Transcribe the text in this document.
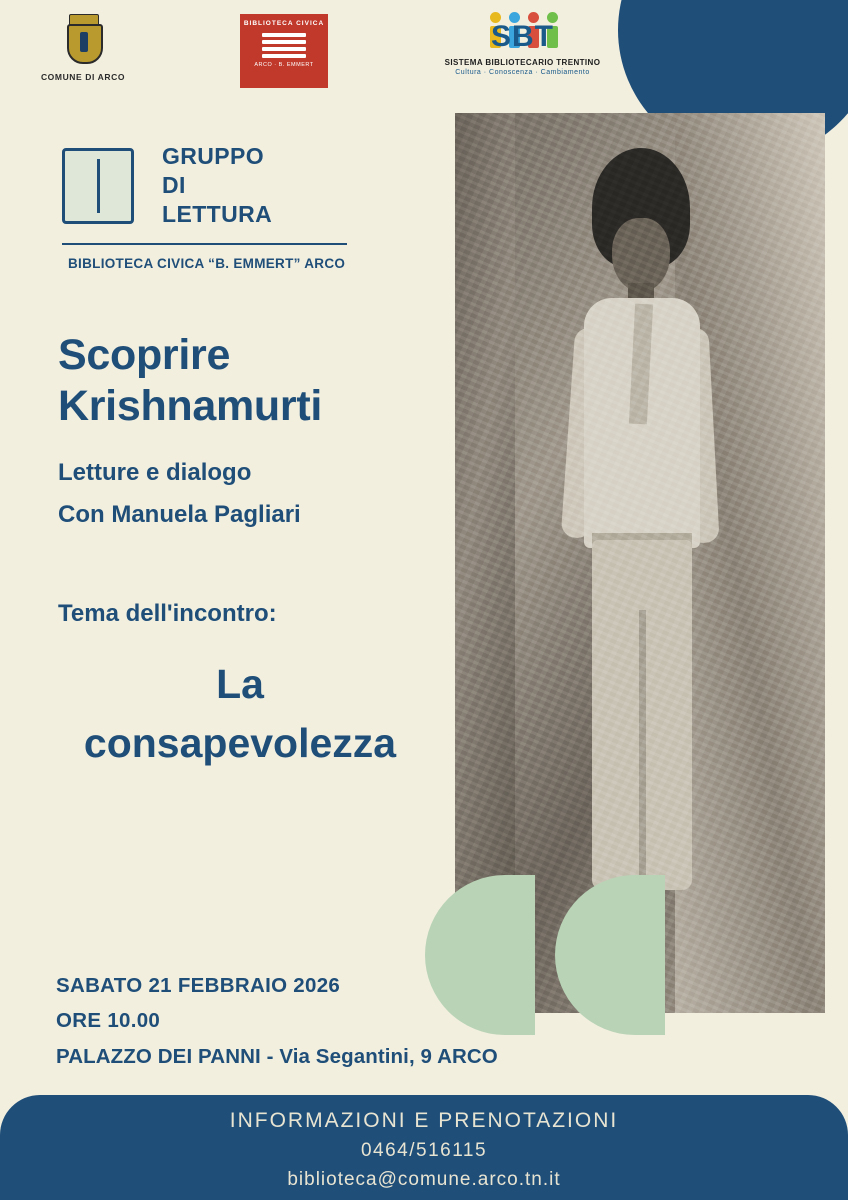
COMUNE DI ARCO
BIBLIOTECA CIVICA
ARCO · B. EMMERT
SBT
SISTEMA BIBLIOTECARIO TRENTINO
Cultura · Conoscenza · Cambiamento
GRUPPO
DI
LETTURA
BIBLIOTECA CIVICA “B. EMMERT” ARCO
Scoprire
Krishnamurti
Letture e dialogo
Con Manuela Pagliari
Tema dell'incontro:
La
consapevolezza
SABATO 21 FEBBRAIO 2026
ORE 10.00
PALAZZO DEI PANNI - Via Segantini, 9 ARCO
INFORMAZIONI E PRENOTAZIONI
0464/516115
biblioteca@comune.arco.tn.it
